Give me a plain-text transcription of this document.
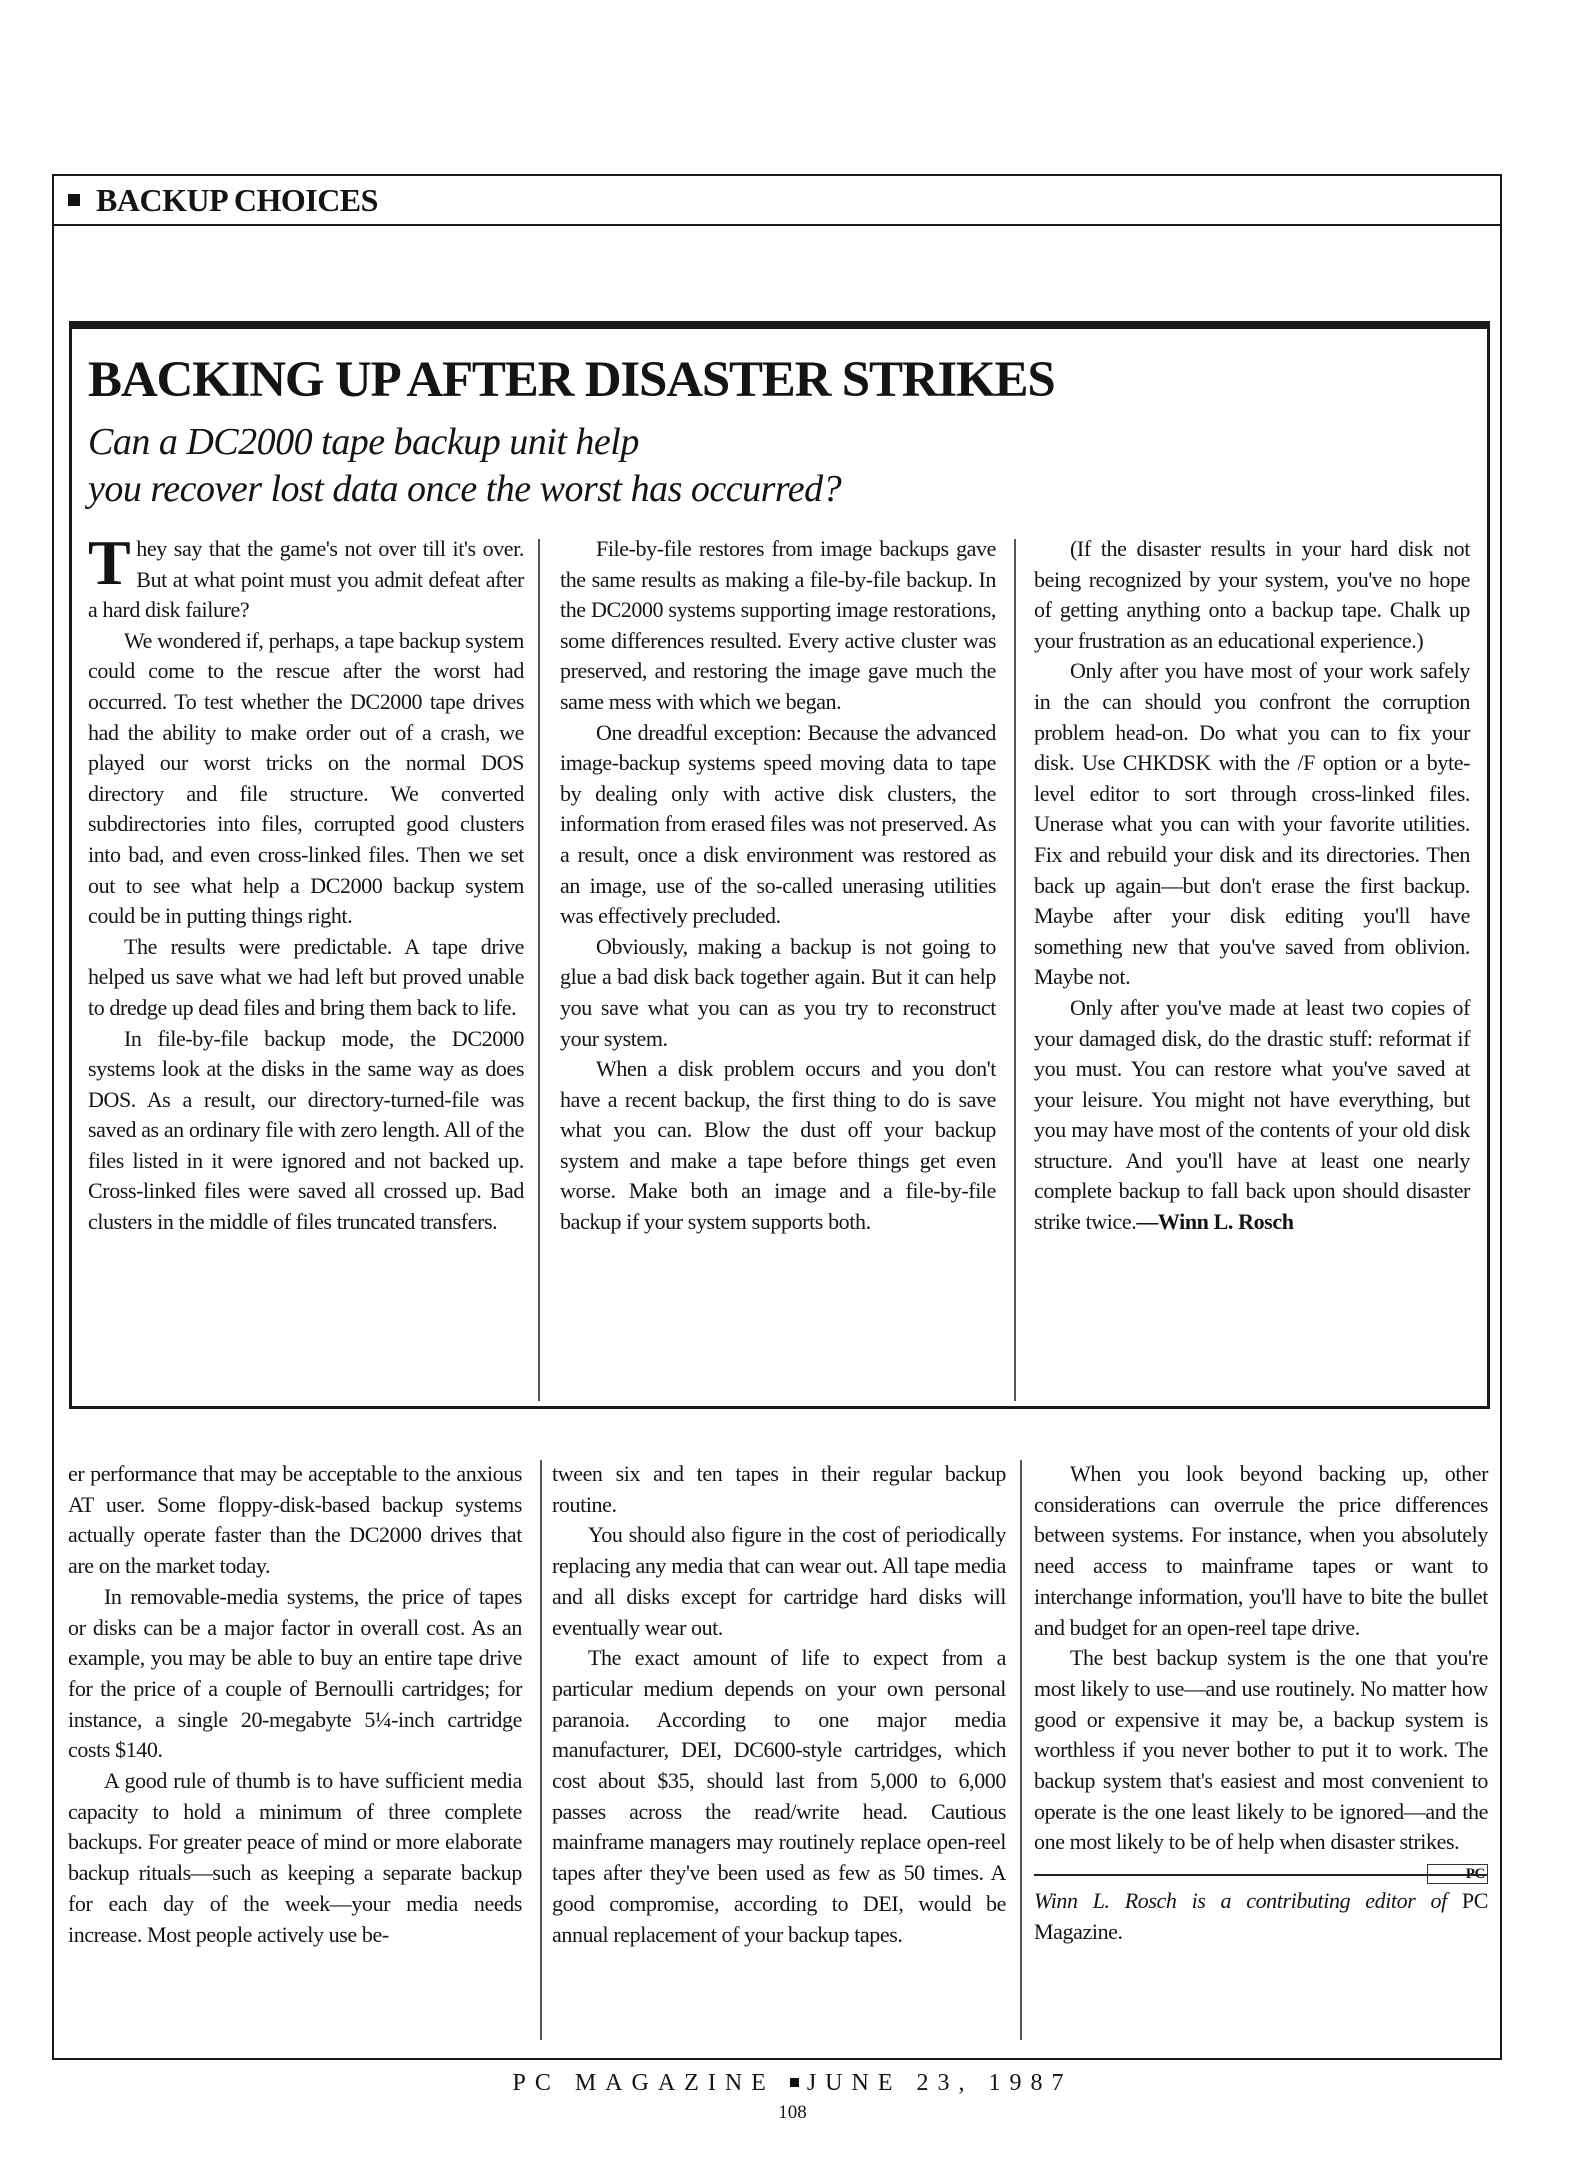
BACKUP CHOICES
BACKING UP AFTER DISASTER STRIKES
Can a DC2000 tape backup unit help
you recover lost data once the worst has occurred?

They say that the game's not over till it's over. But at what point must you admit defeat after a hard disk failure?

We wondered if, perhaps, a tape backup system could come to the rescue after the worst had occurred. To test whether the DC2000 tape drives had the ability to make order out of a crash, we played our worst tricks on the normal DOS directory and file structure. We converted subdirectories into files, corrupted good clusters into bad, and even cross-linked files. Then we set out to see what help a DC2000 backup system could be in putting things right.

The results were predictable. A tape drive helped us save what we had left but proved unable to dredge up dead files and bring them back to life.

In file-by-file backup mode, the DC2000 systems look at the disks in the same way as does DOS. As a result, our directory-turned-file was saved as an ordinary file with zero length. All of the files listed in it were ignored and not backed up. Cross-linked files were saved all crossed up. Bad clusters in the middle of files truncated transfers.

File-by-file restores from image backups gave the same results as making a file-by-file backup. In the DC2000 systems supporting image restorations, some differences resulted. Every active cluster was preserved, and restoring the image gave much the same mess with which we began.

One dreadful exception: Because the advanced image-backup systems speed moving data to tape by dealing only with active disk clusters, the information from erased files was not preserved. As a result, once a disk environment was restored as an image, use of the so-called unerasing utilities was effectively precluded.

Obviously, making a backup is not going to glue a bad disk back together again. But it can help you save what you can as you try to reconstruct your system.

When a disk problem occurs and you don't have a recent backup, the first thing to do is save what you can. Blow the dust off your backup system and make a tape before things get even worse. Make both an image and a file-by-file backup if your system supports both.

(If the disaster results in your hard disk not being recognized by your system, you've no hope of getting anything onto a backup tape. Chalk up your frustration as an educational experience.)

Only after you have most of your work safely in the can should you confront the corruption problem head-on. Do what you can to fix your disk. Use CHKDSK with the /F option or a byte-level editor to sort through cross-linked files. Unerase what you can with your favorite utilities. Fix and rebuild your disk and its directories. Then back up again—but don't erase the first backup. Maybe after your disk editing you'll have something new that you've saved from oblivion. Maybe not.

Only after you've made at least two copies of your damaged disk, do the drastic stuff: reformat if you must. You can restore what you've saved at your leisure. You might not have everything, but you may have most of the contents of your old disk structure. And you'll have at least one nearly complete backup to fall back upon should disaster strike twice.—Winn L. Rosch

er performance that may be acceptable to the anxious AT user. Some floppy-disk-based backup systems actually operate faster than the DC2000 drives that are on the market today.

In removable-media systems, the price of tapes or disks can be a major factor in overall cost. As an example, you may be able to buy an entire tape drive for the price of a couple of Bernoulli cartridges; for instance, a single 20-megabyte 5¼-inch cartridge costs $140.

A good rule of thumb is to have sufficient media capacity to hold a minimum of three complete backups. For greater peace of mind or more elaborate backup rituals—such as keeping a separate backup for each day of the week—your media needs increase. Most people actively use be-

tween six and ten tapes in their regular backup routine.

You should also figure in the cost of periodically replacing any media that can wear out. All tape media and all disks except for cartridge hard disks will eventually wear out.

The exact amount of life to expect from a particular medium depends on your own personal paranoia. According to one major media manufacturer, DEI, DC600-style cartridges, which cost about $35, should last from 5,000 to 6,000 passes across the read/write head. Cautious mainframe managers may routinely replace open-reel tapes after they've been used as few as 50 times. A good compromise, according to DEI, would be annual replacement of your backup tapes.

When you look beyond backing up, other considerations can overrule the price differences between systems. For instance, when you absolutely need access to mainframe tapes or want to interchange information, you'll have to bite the bullet and budget for an open-reel tape drive.

The best backup system is the one that you're most likely to use—and use routinely. No matter how good or expensive it may be, a backup system is worthless if you never bother to put it to work. The backup system that's easiest and most convenient to operate is the one least likely to be ignored—and the one most likely to be of help when disaster strikes.
PC

Winn L. Rosch is a contributing editor of PC Magazine.

PC MAGAZINE JUNE 23, 1987
108
